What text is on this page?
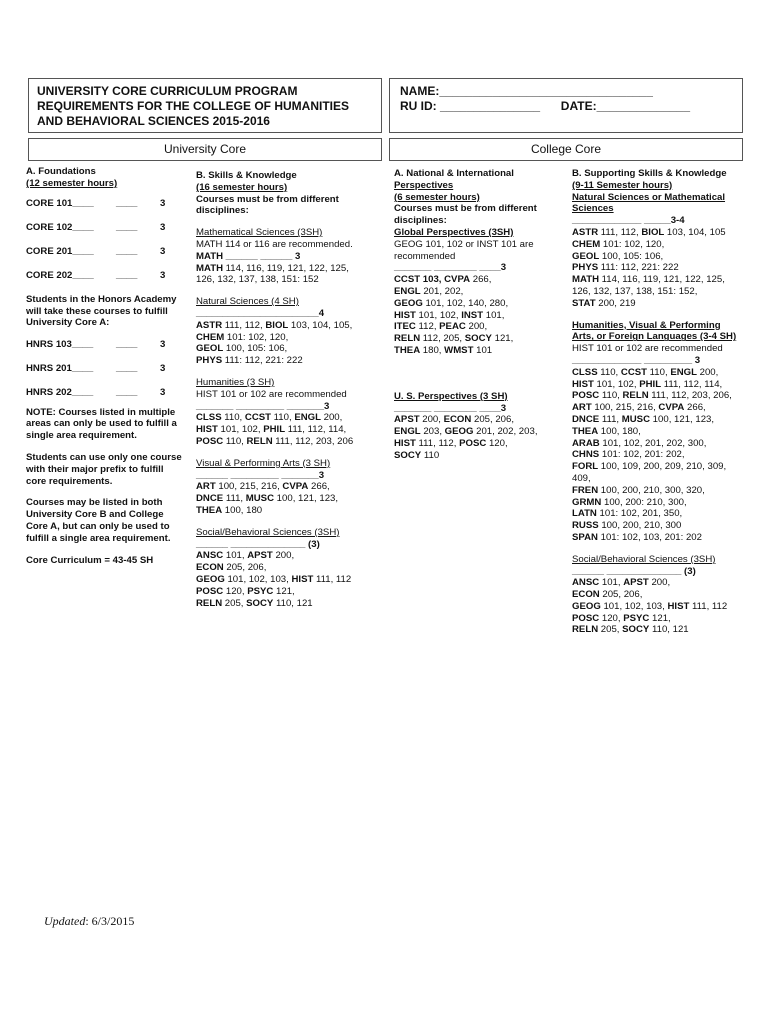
UNIVERSITY CORE CURRICULUM PROGRAM
REQUIREMENTS FOR THE COLLEGE OF HUMANITIES
AND BEHAVIORAL SCIENCES 2015-2016
NAME:________________________________
RU ID: _______________ DATE:______________
University Core	College Core
A. Foundations
(12 semester hours)
CORE 101____	____	3
CORE 102____	____	3
CORE 201____	____	3
CORE 202____	____	3
Students in the Honors Academy
will take these courses to fulfill
University Core A:
HNRS 103____	____	3
HNRS 201____	____	3
HNRS 202____	____	3
NOTE: Courses listed in multiple
areas can only be used to fulfill a
single area requirement.
Students can use only one course
with their major prefix to fulfill
core requirements.
Courses may be listed in both
University Core B and College
Core A, but can only be used to
fulfill a single area requirement.
Core Curriculum = 43-45 SH
B. Skills & Knowledge
(16 semester hours)
Courses must be from different
disciplines:
Mathematical Sciences (3SH)
MATH 114 or 116 are recommended.
MATH ______ ______ 3
MATH 114, 116, 119, 121, 122, 125,
126, 132, 137, 138, 151: 152
Natural Sciences (4 SH)
_______________________4
ASTR 111, 112, BIOL 103, 104, 105,
CHEM 101: 102, 120,
GEOL 100, 105: 106,
PHYS 111: 112, 221: 222
Humanities (3 SH)
HIST 101 or 102 are recommended
_______ _________ _______3
CLSS 110, CCST 110, ENGL 200,
HIST 101, 102, PHIL 111, 112, 114,
POSC 110, RELN 111, 112, 203, 206
Visual & Performing Arts (3 SH)
______ _________ _______3
ART 100, 215, 216, CVPA 266,
DNCE 111, MUSC 100, 121, 123,
THEA 100, 180
Social/Behavioral Sciences (3SH)
______ ______________ (3)
ANSC 101, APST 200,
ECON 205, 206,
GEOG 101, 102, 103, HIST 111, 112
POSC 120, PSYC 121,
RELN 205, SOCY 110, 121
A. National & International
Perspectives
(6 semester hours)
Courses must be from different
disciplines:
Global Perspectives (3SH)
GEOG 101, 102 or INST 101 are
recommended
_______ ________ ____3
CCST 103, CVPA 266,
ENGL 201, 202,
GEOG 101, 102, 140, 280,
HIST 101, 102, INST 101,
ITEC 112, PEAC 200,
RELN 112, 205, SOCY 121,
THEA 180, WMST 101
U. S. Perspectives (3 SH)
_______ ________ ____3
APST 200, ECON 205, 206,
ENGL 203, GEOG 201, 202, 203,
HIST 111, 112, POSC 120,
SOCY 110
B. Supporting Skills & Knowledge
(9-11 Semester hours)
Natural Sciences or Mathematical
Sciences
_____________ _____3-4
ASTR 111, 112, BIOL 103, 104, 105
CHEM 101: 102, 120,
GEOL 100, 105: 106,
PHYS 111: 112, 221: 222
MATH 114, 116, 119, 121, 122, 125,
126, 132, 137, 138, 151: 152,
STAT 200, 219
Humanities, Visual & Performing
Arts, or Foreign Languages (3-4 SH)
HIST 101 or 102 are recommended
_____________ _________ 3
CLSS 110, CCST 110, ENGL 200,
HIST 101, 102, PHIL 111, 112, 114,
POSC 110, RELN 111, 112, 203, 206,
ART 100, 215, 216, CVPA 266,
DNCE 111, MUSC 100, 121, 123,
THEA 100, 180,
ARAB 101, 102, 201, 202, 300,
CHNS 101: 102, 201: 202,
FORL 100, 109, 200, 209, 210, 309,
409,
FREN 100, 200, 210, 300, 320,
GRMN 100, 200: 210, 300,
LATN 101: 102, 201, 350,
RUSS 100, 200, 210, 300
SPAN 101: 102, 103, 201: 202
Social/Behavioral Sciences (3SH)
______ ______________ (3)
ANSC 101, APST 200,
ECON 205, 206,
GEOG 101, 102, 103, HIST 111, 112
POSC 120, PSYC 121,
RELN 205, SOCY 110, 121
Updated: 6/3/2015
